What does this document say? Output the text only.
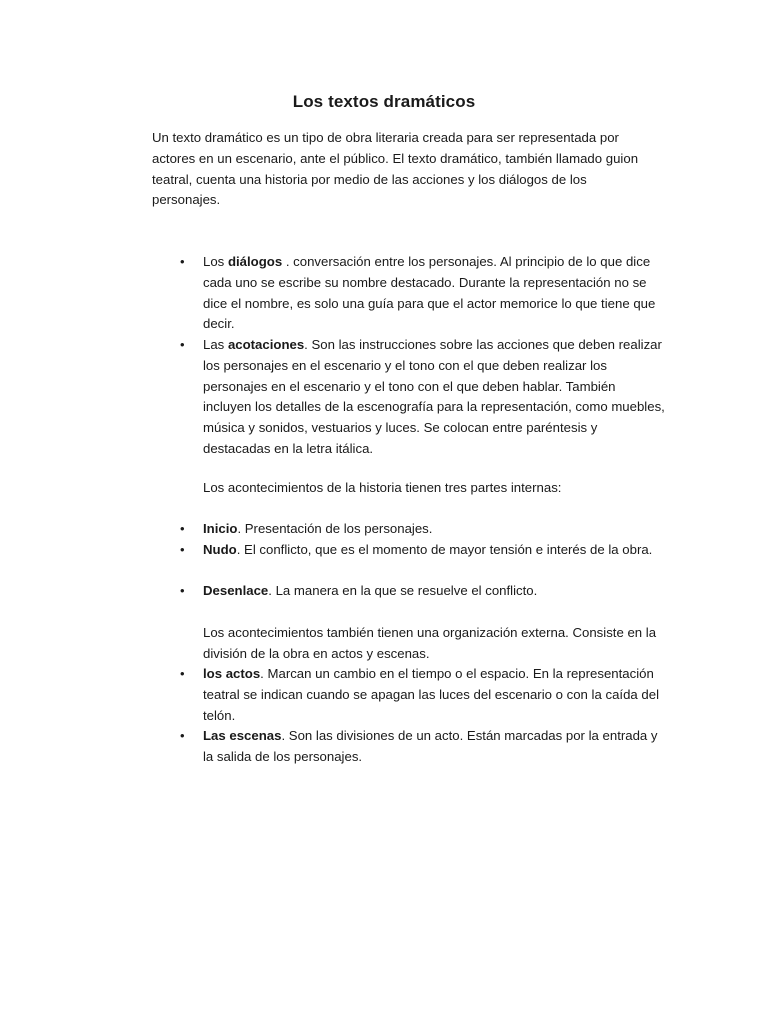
Los textos dramáticos
Un texto dramático es un tipo de obra literaria creada para ser representada por actores en un escenario, ante el público. El texto dramático, también llamado guion teatral, cuenta una historia por medio de las acciones y los diálogos de los personajes.
• Los diálogos . conversación entre los personajes. Al principio de lo que dice cada uno se escribe su nombre destacado. Durante la representación no se dice el nombre, es solo una guía para que el actor memorice lo que tiene que decir.
• Las acotaciones. Son las instrucciones sobre las acciones que deben realizar los personajes en el escenario y el tono con el que deben realizar los personajes en el escenario y el tono con el que deben hablar. También incluyen los detalles de la escenografía para la representación, como muebles, música y sonidos, vestuarios y luces. Se colocan entre paréntesis y destacadas en la letra itálica.
Los acontecimientos de la historia tienen tres partes internas:
• Inicio. Presentación de los personajes.
• Nudo. El conflicto, que es el momento de mayor tensión e interés de la obra.
• Desenlace. La manera en la que se resuelve el conflicto.
Los acontecimientos también tienen una organización externa. Consiste en la división de la obra en actos y escenas.
• los actos. Marcan un cambio en el tiempo o el espacio. En la representación teatral se indican cuando se apagan las luces del escenario o con la caída del telón.
• Las escenas. Son las divisiones de un acto. Están marcadas por la entrada y la salida de los personajes.
